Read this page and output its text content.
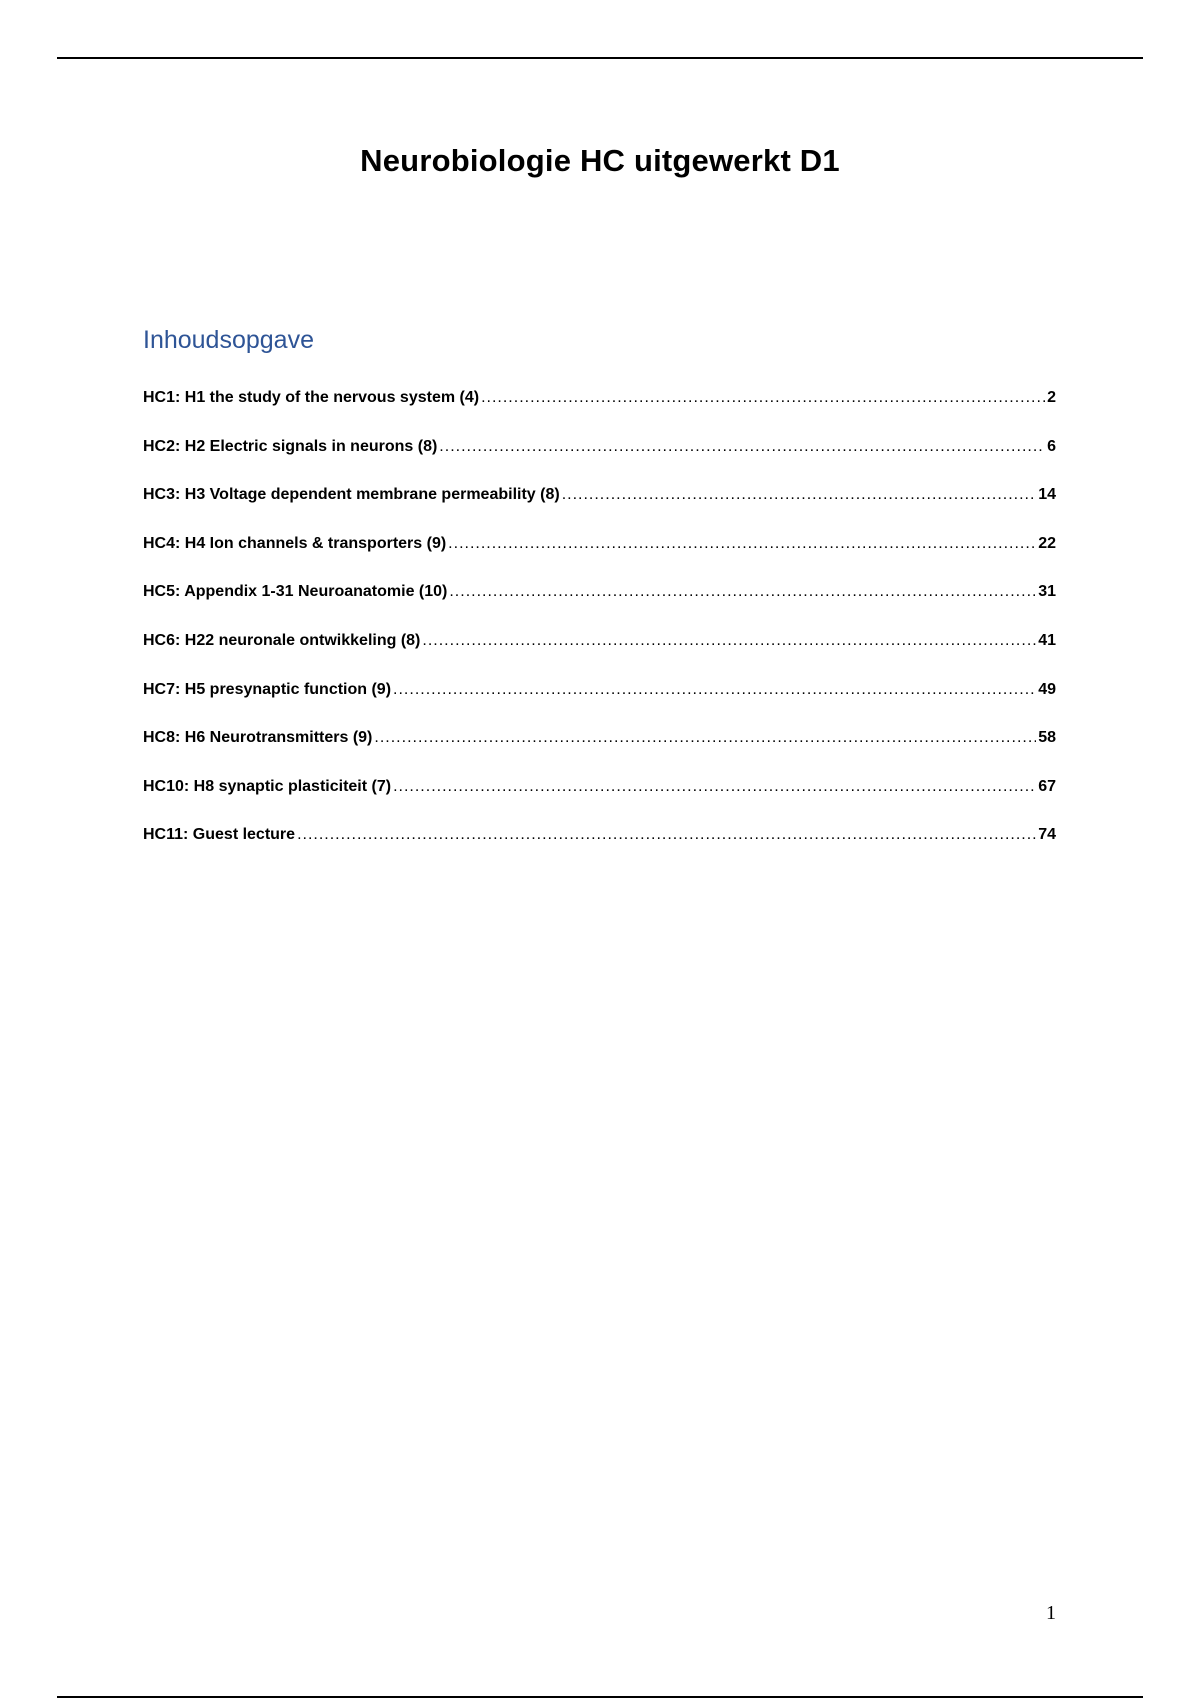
Neurobiologie HC uitgewerkt D1
Inhoudsopgave
HC1: H1 the study of the nervous system (4) .....	2
HC2: H2 Electric signals in neurons (8) .....	6
HC3: H3 Voltage dependent membrane permeability (8) .....	14
HC4: H4 Ion channels & transporters (9) .....	22
HC5: Appendix 1-31 Neuroanatomie (10) .....	31
HC6: H22 neuronale ontwikkeling (8) .....	41
HC7: H5 presynaptic function (9) .....	49
HC8: H6 Neurotransmitters (9) .....	58
HC10: H8 synaptic plasticiteit (7) .....	67
HC11: Guest lecture .....	74
1
